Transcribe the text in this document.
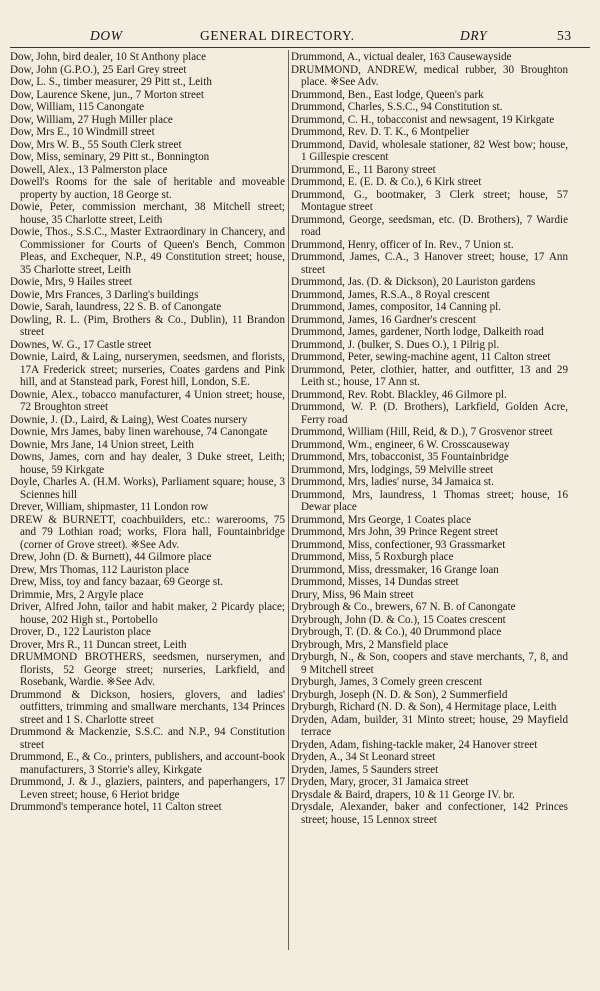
DOW	GENERAL DIRECTORY.	DRY	53

Dow, John, bird dealer, 10 St Anthony place

Dow, John (G.P.O.), 25 Earl Grey street

Dow, L. S., timber measurer, 29 Pitt st., Leith

Dow, Laurence Skene, jun., 7 Morton street

Dow, William, 115 Canongate

Dow, William, 27 Hugh Miller place

Dow, Mrs E., 10 Windmill street

Dow, Mrs W. B., 55 South Clerk street

Dow, Miss, seminary, 29 Pitt st., Bonnington

Dowell, Alex., 13 Palmerston place

Dowell's Rooms for the sale of heritable and moveable property by auction, 18 George st.

Dowie, Peter, commission merchant, 38 Mitchell street; house, 35 Charlotte street, Leith

Dowie, Thos., S.S.C., Master Extraordinary in Chancery, and Commissioner for Courts of Queen's Bench, Common Pleas, and Exchequer, N.P., 49 Constitution street; house, 35 Charlotte street, Leith

Dowie, Mrs, 9 Hailes street

Dowie, Mrs Frances, 3 Darling's buildings

Dowie, Sarah, laundress, 22 S. B. of Canongate

Dowling, R. L. (Pim, Brothers & Co., Dublin), 11 Brandon street

Downes, W. G., 17 Castle street

Downie, Laird, & Laing, nurserymen, seedsmen, and florists, 17A Frederick street; nurseries, Coates gardens and Pink hill, and at Stanstead park, Forest hill, London, S.E.

Downie, Alex., tobacco manufacturer, 4 Union street; house, 72 Broughton street

Downie, J. (D., Laird, & Laing), West Coates nursery

Downie, Mrs James, baby linen warehouse, 74 Canongate

Downie, Mrs Jane, 14 Union street, Leith

Downs, James, corn and hay dealer, 3 Duke street, Leith; house, 59 Kirkgate

Doyle, Charles A. (H.M. Works), Parliament square; house, 3 Sciennes hill

Drever, William, shipmaster, 11 London row

DREW & BURNETT, coachbuilders, etc.: warerooms, 75 and 79 Lothian road; works, Flora hall, Fountainbridge (corner of Grove street). ※See Adv.

Drew, John (D. & Burnett), 44 Gilmore place

Drew, Mrs Thomas, 112 Lauriston place

Drew, Miss, toy and fancy bazaar, 69 George st.

Drimmie, Mrs, 2 Argyle place

Driver, Alfred John, tailor and habit maker, 2 Picardy place; house, 202 High st., Portobello

Drover, D., 122 Lauriston place

Drover, Mrs R., 11 Duncan street, Leith

DRUMMOND BROTHERS, seedsmen, nurserymen, and florists, 52 George street; nurseries, Larkfield, and Rosebank, Wardie. ※See Adv.

Drummond & Dickson, hosiers, glovers, and ladies' outfitters, trimming and smallware merchants, 134 Princes street and 1 S. Charlotte street

Drummond & Mackenzie, S.S.C. and N.P., 94 Constitution street

Drummond, E., & Co., printers, publishers, and account-book manufacturers, 3 Storrie's alley, Kirkgate

Drummond, J. & J., glaziers, painters, and paperhangers, 17 Leven street; house, 6 Heriot bridge

Drummond's temperance hotel, 11 Calton street

Drummond, A., victual dealer, 163 Causewayside

DRUMMOND, ANDREW, medical rubber, 30 Broughton place. ※See Adv.

Drummond, Ben., East lodge, Queen's park

Drummond, Charles, S.S.C., 94 Constitution st.

Drummond, C. H., tobacconist and newsagent, 19 Kirkgate

Drummond, Rev. D. T. K., 6 Montpelier

Drummond, David, wholesale stationer, 82 West bow; house, 1 Gillespie crescent

Drummond, E., 11 Barony street

Drummond, E. (E. D. & Co.), 6 Kirk street

Drummond, G., bootmaker, 3 Clerk street; house, 57 Montague street

Drummond, George, seedsman, etc. (D. Brothers), 7 Wardie road

Drummond, Henry, officer of In. Rev., 7 Union st.

Drummond, James, C.A., 3 Hanover street; house, 17 Ann street

Drummond, Jas. (D. & Dickson), 20 Lauriston gardens

Drummond, James, R.S.A., 8 Royal crescent

Drummond, James, compositor, 14 Canning pl.

Drummond, James, 16 Gardner's crescent

Drummond, James, gardener, North lodge, Dalkeith road

Drummond, J. (bulker, S. Dues O.), 1 Pilrig pl.

Drummond, Peter, sewing-machine agent, 11 Calton street

Drummond, Peter, clothier, hatter, and outfitter, 13 and 29 Leith st.; house, 17 Ann st.

Drummond, Rev. Robt. Blackley, 46 Gilmore pl.

Drummond, W. P. (D. Brothers), Larkfield, Golden Acre, Ferry road

Drummond, William (Hill, Reid, & D.), 7 Grosvenor street

Drummond, Wm., engineer, 6 W. Crosscauseway

Drummond, Mrs, tobacconist, 35 Fountainbridge

Drummond, Mrs, lodgings, 59 Melville street

Drummond, Mrs, ladies' nurse, 34 Jamaica st.

Drummond, Mrs, laundress, 1 Thomas street; house, 16 Dewar place

Drummond, Mrs George, 1 Coates place

Drummond, Mrs John, 39 Prince Regent street

Drummond, Miss, confectioner, 93 Grassmarket

Drummond, Miss, 5 Roxburgh place

Drummond, Miss, dressmaker, 16 Grange loan

Drummond, Misses, 14 Dundas street

Drury, Miss, 96 Main street

Drybrough & Co., brewers, 67 N. B. of Canongate

Drybrough, John (D. & Co.), 15 Coates crescent

Drybrough, T. (D. & Co.), 40 Drummond place

Drybrough, Mrs, 2 Mansfield place

Dryburgh, N., & Son, coopers and stave merchants, 7, 8, and 9 Mitchell street

Dryburgh, James, 3 Comely green crescent

Dryburgh, Joseph (N. D. & Son), 2 Summerfield

Dryburgh, Richard (N. D. & Son), 4 Hermitage place, Leith

Dryden, Adam, builder, 31 Minto street; house, 29 Mayfield terrace

Dryden, Adam, fishing-tackle maker, 24 Hanover street

Dryden, A., 34 St Leonard street

Dryden, James, 5 Saunders street

Dryden, Mary, grocer, 31 Jamaica street

Drysdale & Baird, drapers, 10 & 11 George IV. br.

Drysdale, Alexander, baker and confectioner, 142 Princes street; house, 15 Lennox street
